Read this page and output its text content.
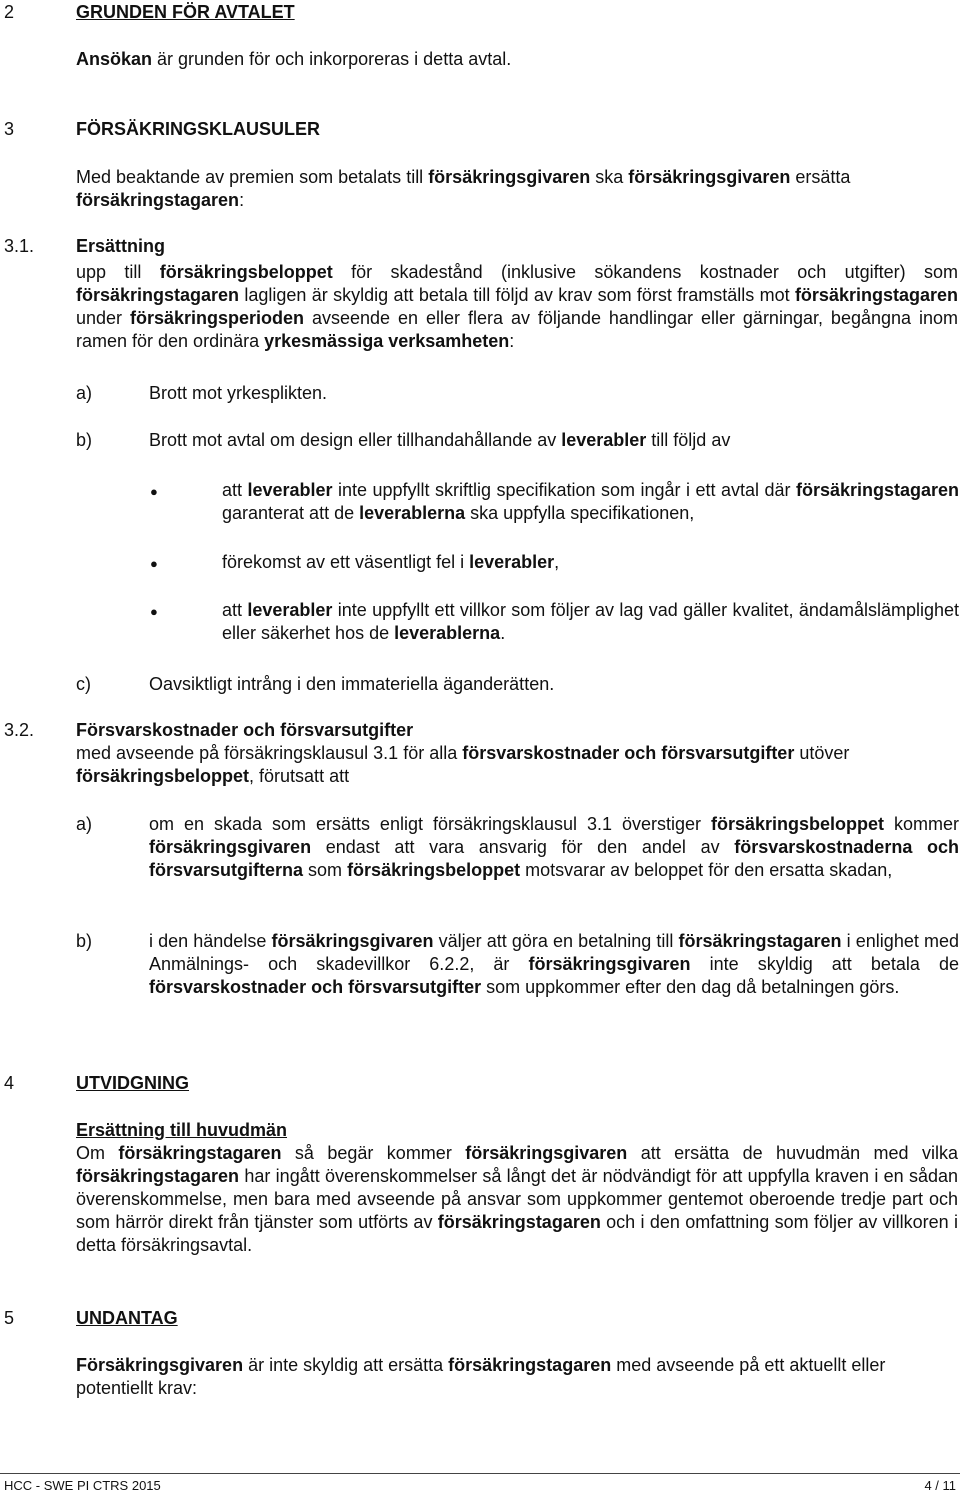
2	GRUNDEN FÖR AVTALET
Ansökan är grunden för och inkorporeras i detta avtal.
3	FÖRSÄKRINGSKLAUSULER
Med beaktande av premien som betalats till försäkringsgivaren ska försäkringsgivaren ersätta försäkringstagaren:
3.1. Ersättning
upp till försäkringsbeloppet för skadestånd (inklusive sökandens kostnader och utgifter) som försäkringstagaren lagligen är skyldig att betala till följd av krav som först framställs mot försäkringstagaren under försäkringsperioden avseende en eller flera av följande handlingar eller gärningar, begångna inom ramen för den ordinära yrkesmässiga verksamheten:
a)	Brott mot yrkesplikten.
b)	Brott mot avtal om design eller tillhandahållande av leverabler till följd av
●	att leverabler inte uppfyllt skriftlig specifikation som ingår i ett avtal där försäkringstagaren garanterat att de leverablerna ska uppfylla specifikationen,
●	förekomst av ett väsentligt fel i leverabler,
●	att leverabler inte uppfyllt ett villkor som följer av lag vad gäller kvalitet, ändamålslämplighet eller säkerhet hos de leverablerna.
c)	Oavsiktligt intrång i den immateriella äganderätten.
3.2. Försvarskostnader och försvarsutgifter
med avseende på försäkringsklausul 3.1 för alla försvarskostnader och försvarsutgifter utöver försäkringsbeloppet, förutsatt att
a)	om en skada som ersätts enligt försäkringsklausul 3.1 överstiger försäkringsbeloppet kommer försäkringsgivaren endast att vara ansvarig för den andel av försvarskostnaderna och försvarsutgifterna som försäkringsbeloppet motsvarar av beloppet för den ersatta skadan,
b)	i den händelse försäkringsgivaren väljer att göra en betalning till försäkringstagaren i enlighet med Anmälnings- och skadevillkor 6.2.2, är försäkringsgivaren inte skyldig att betala de försvarskostnader och försvarsutgifter som uppkommer efter den dag då betalningen görs.
4	UTVIDGNING
Ersättning till huvudmän
Om försäkringstagaren så begär kommer försäkringsgivaren att ersätta de huvudmän med vilka försäkringstagaren har ingått överenskommelser så långt det är nödvändigt för att uppfylla kraven i en sådan överenskommelse, men bara med avseende på ansvar som uppkommer gentemot oberoende tredje part och som härrör direkt från tjänster som utförts av försäkringstagaren och i den omfattning som följer av villkoren i detta försäkringsavtal.
5	UNDANTAG
Försäkringsgivaren är inte skyldig att ersätta försäkringstagaren med avseende på ett aktuellt eller potentiellt krav:
HCC - SWE PI CTRS 2015	4 / 11
